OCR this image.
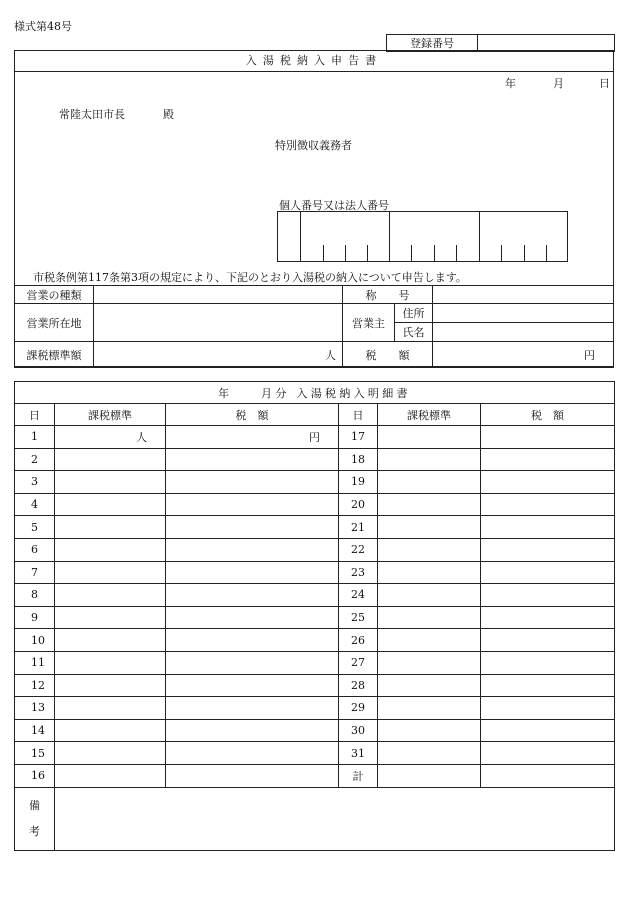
様式第48号
登録番号	
入湯税納入申告書
年	月	日
常陸太田市長	殿
特別徴収義務者
個人番号又は法人番号
市税条例第117条第3項の規定により、下記のとおり入湯税の納入について申告します。
営業の種類		称　　号		
営業所在地		営業主	住所	
			氏名	
課税標準額	人	税　　額		円
年　　月分 入湯税納入明細書					
日	課税標準	税　額	日	課税標準	税　額
1	人	円	17		
2			18		
3			19		
4			20		
5			21		
6			22		
7			23		
8			24		
9			25		
10			26		
11			27		
12			28		
13			29		
14			30		
15			31		
16			計		
備
考					
